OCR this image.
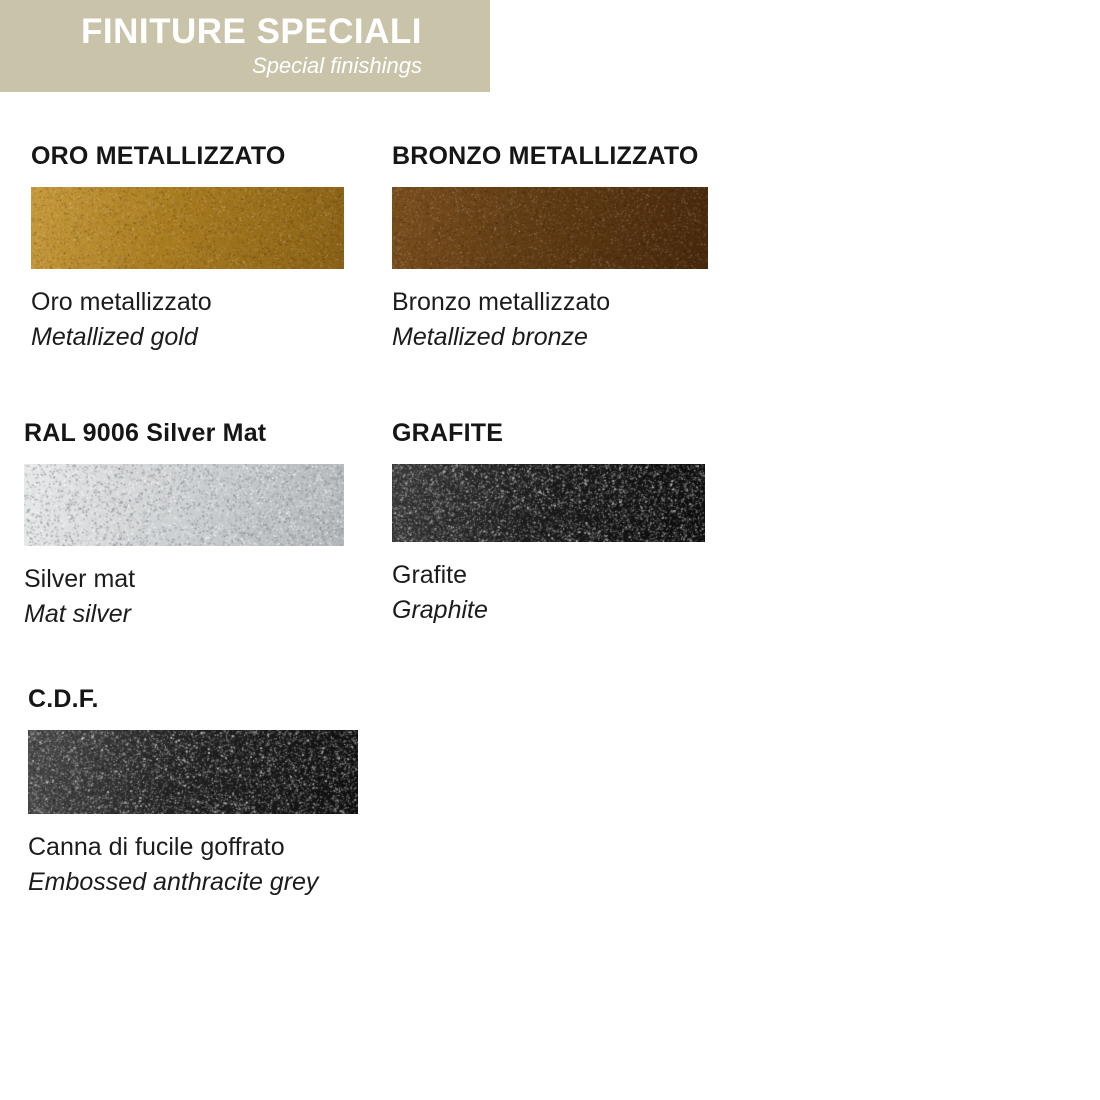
FINITURE SPECIALI
Special finishings
ORO METALLIZZATO
Oro metallizzato
Metallized gold
BRONZO METALLIZZATO
Bronzo metallizzato
Metallized bronze
RAL 9006 Silver Mat
Silver mat
Mat silver
GRAFITE
Grafite
Graphite
C.D.F.
Canna di fucile goffrato
Embossed anthracite grey
